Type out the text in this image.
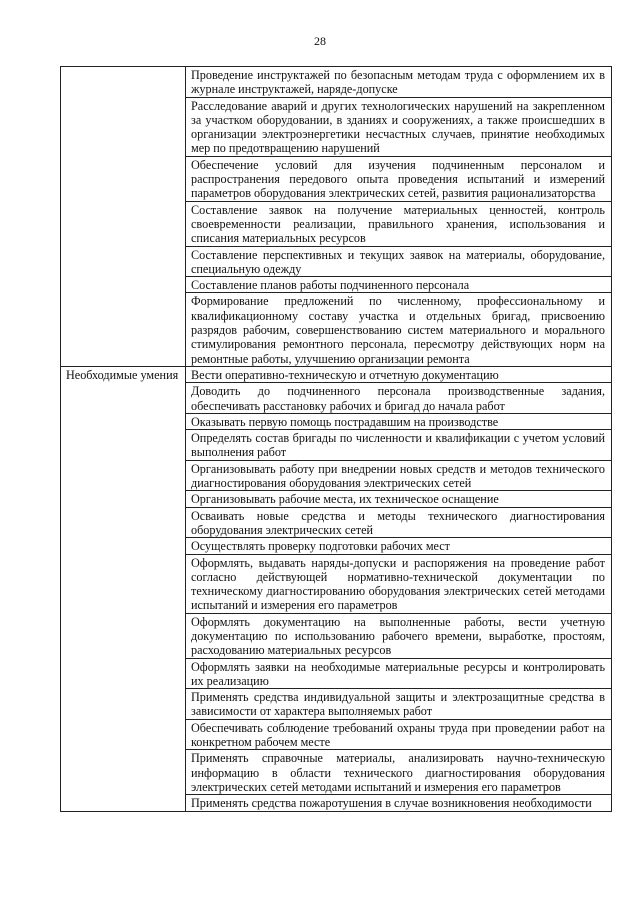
28
	Проведение инструктажей по безопасным методам труда с оформлением их в журнале инструктажей, наряде-допуске
	Расследование аварий и других технологических нарушений на закрепленном за участком оборудовании, в зданиях и сооружениях, а также происшедших в организации электроэнергетики несчастных случаев, принятие необходимых мер по предотвращению нарушений
	Обеспечение условий для изучения подчиненным персоналом и распространения передового опыта проведения испытаний и измерений параметров оборудования электрических сетей, развития рационализаторства
	Составление заявок на получение материальных ценностей, контроль своевременности реализации, правильного хранения, использования и списания материальных ресурсов
	Составление перспективных и текущих заявок на материалы, оборудование, специальную одежду
	Составление планов работы подчиненного персонала
	Формирование предложений по численному, профессиональному и квалификационному составу участка и отдельных бригад, присвоению разрядов рабочим, совершенствованию систем материального и морального стимулирования ремонтного персонала, пересмотру действующих норм на ремонтные работы, улучшению организации ремонта
Необходимые умения	Вести оперативно-техническую и отчетную документацию
	Доводить до подчиненного персонала производственные задания, обеспечивать расстановку рабочих и бригад до начала работ
	Оказывать первую помощь пострадавшим на производстве
	Определять состав бригады по численности и квалификации с учетом условий выполнения работ
	Организовывать работу при внедрении новых средств и методов технического диагностирования оборудования электрических сетей
	Организовывать рабочие места, их техническое оснащение
	Осваивать новые средства и методы технического диагностирования оборудования электрических сетей
	Осуществлять проверку подготовки рабочих мест
	Оформлять, выдавать наряды-допуски и распоряжения на проведение работ согласно действующей нормативно-технической документации по техническому диагностированию оборудования электрических сетей методами испытаний и измерения его параметров
	Оформлять документацию на выполненные работы, вести учетную документацию по использованию рабочего времени, выработке, простоям, расходованию материальных ресурсов
	Оформлять заявки на необходимые материальные ресурсы и контролировать их реализацию
	Применять средства индивидуальной защиты и электрозащитные средства в зависимости от характера выполняемых работ
	Обеспечивать соблюдение требований охраны труда при проведении работ на конкретном рабочем месте
	Применять справочные материалы, анализировать научно-техническую информацию в области технического диагностирования оборудования электрических сетей методами испытаний и измерения его параметров
	Применять средства пожаротушения в случае возникновения необходимости
